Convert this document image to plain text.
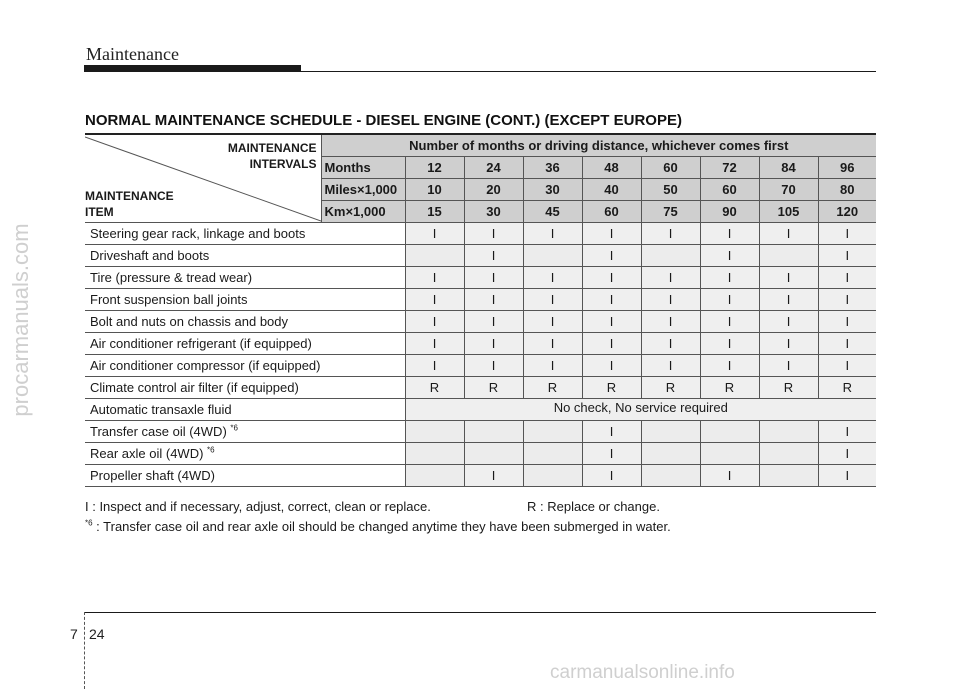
Maintenance
procarmanuals.com
NORMAL MAINTENANCE SCHEDULE - DIESEL ENGINE (CONT.) (EXCEPT EUROPE)
MAINTENANCE
INTERVALS
MAINTENANCE
ITEM	Number of months or driving distance, whichever comes first								
	Months	12	24	36	48	60	72	84	96
	Miles×1,000	10	20	30	40	50	60	70	80
	Km×1,000	15	30	45	60	75	90	105	120
Steering gear rack, linkage and boots		I	I	I	I	I	I	I	I
Driveshaft and boots			I		I		I		I
Tire (pressure & tread wear)		I	I	I	I	I	I	I	I
Front suspension ball joints		I	I	I	I	I	I	I	I
Bolt and nuts on chassis and body		I	I	I	I	I	I	I	I
Air conditioner refrigerant (if equipped)		I	I	I	I	I	I	I	I
Air conditioner compressor (if equipped)		I	I	I	I	I	I	I	I
Climate control air filter (if equipped)		R	R	R	R	R	R	R	R
Automatic transaxle fluid		No check, No service required							
Transfer case oil (4WD) $^{*6}$					I				I
Rear axle oil (4WD) $^{*6}$					I				I
Propeller shaft (4WD)			I		I		I		I
I : Inspect and if necessary, adjust, correct, clean or replace.	R : Replace or change.
$^{*6}$ : Transfer case oil and rear axle oil should be changed anytime they have been submerged in water.
7 24
carmanualsonline.info
